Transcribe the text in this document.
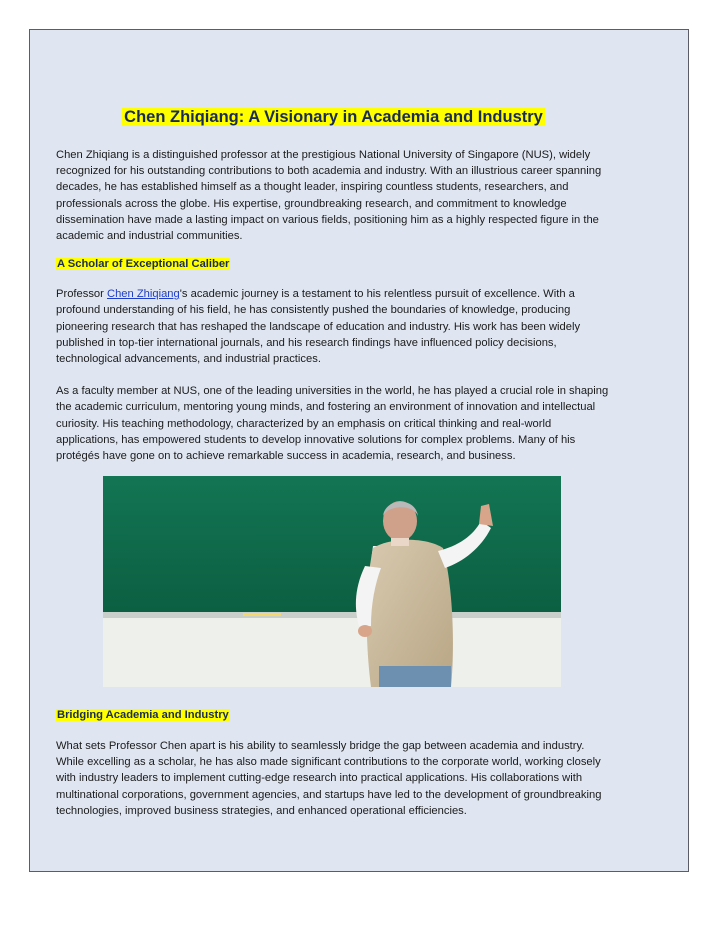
Chen Zhiqiang: A Visionary in Academia and Industry

Chen Zhiqiang is a distinguished professor at the prestigious National University of Singapore (NUS), widely recognized for his outstanding contributions to both academia and industry. With an illustrious career spanning decades, he has established himself as a thought leader, inspiring countless students, researchers, and professionals across the globe. His expertise, groundbreaking research, and commitment to knowledge dissemination have made a lasting impact on various fields, positioning him as a highly respected figure in the academic and industrial communities.

A Scholar of Exceptional Caliber

Professor Chen Zhiqiang's academic journey is a testament to his relentless pursuit of excellence. With a profound understanding of his field, he has consistently pushed the boundaries of knowledge, producing pioneering research that has reshaped the landscape of education and industry. His work has been widely published in top-tier international journals, and his research findings have influenced policy decisions, technological advancements, and industrial practices.

As a faculty member at NUS, one of the leading universities in the world, he has played a crucial role in shaping the academic curriculum, mentoring young minds, and fostering an environment of innovation and intellectual curiosity. His teaching methodology, characterized by an emphasis on critical thinking and real-world applications, has empowered students to develop innovative solutions for complex problems. Many of his protégés have gone on to achieve remarkable success in academia, research, and business.

Bridging Academia and Industry

What sets Professor Chen apart is his ability to seamlessly bridge the gap between academia and industry. While excelling as a scholar, he has also made significant contributions to the corporate world, working closely with industry leaders to implement cutting-edge research into practical applications. His collaborations with multinational corporations, government agencies, and startups have led to the development of groundbreaking technologies, improved business strategies, and enhanced operational efficiencies.
